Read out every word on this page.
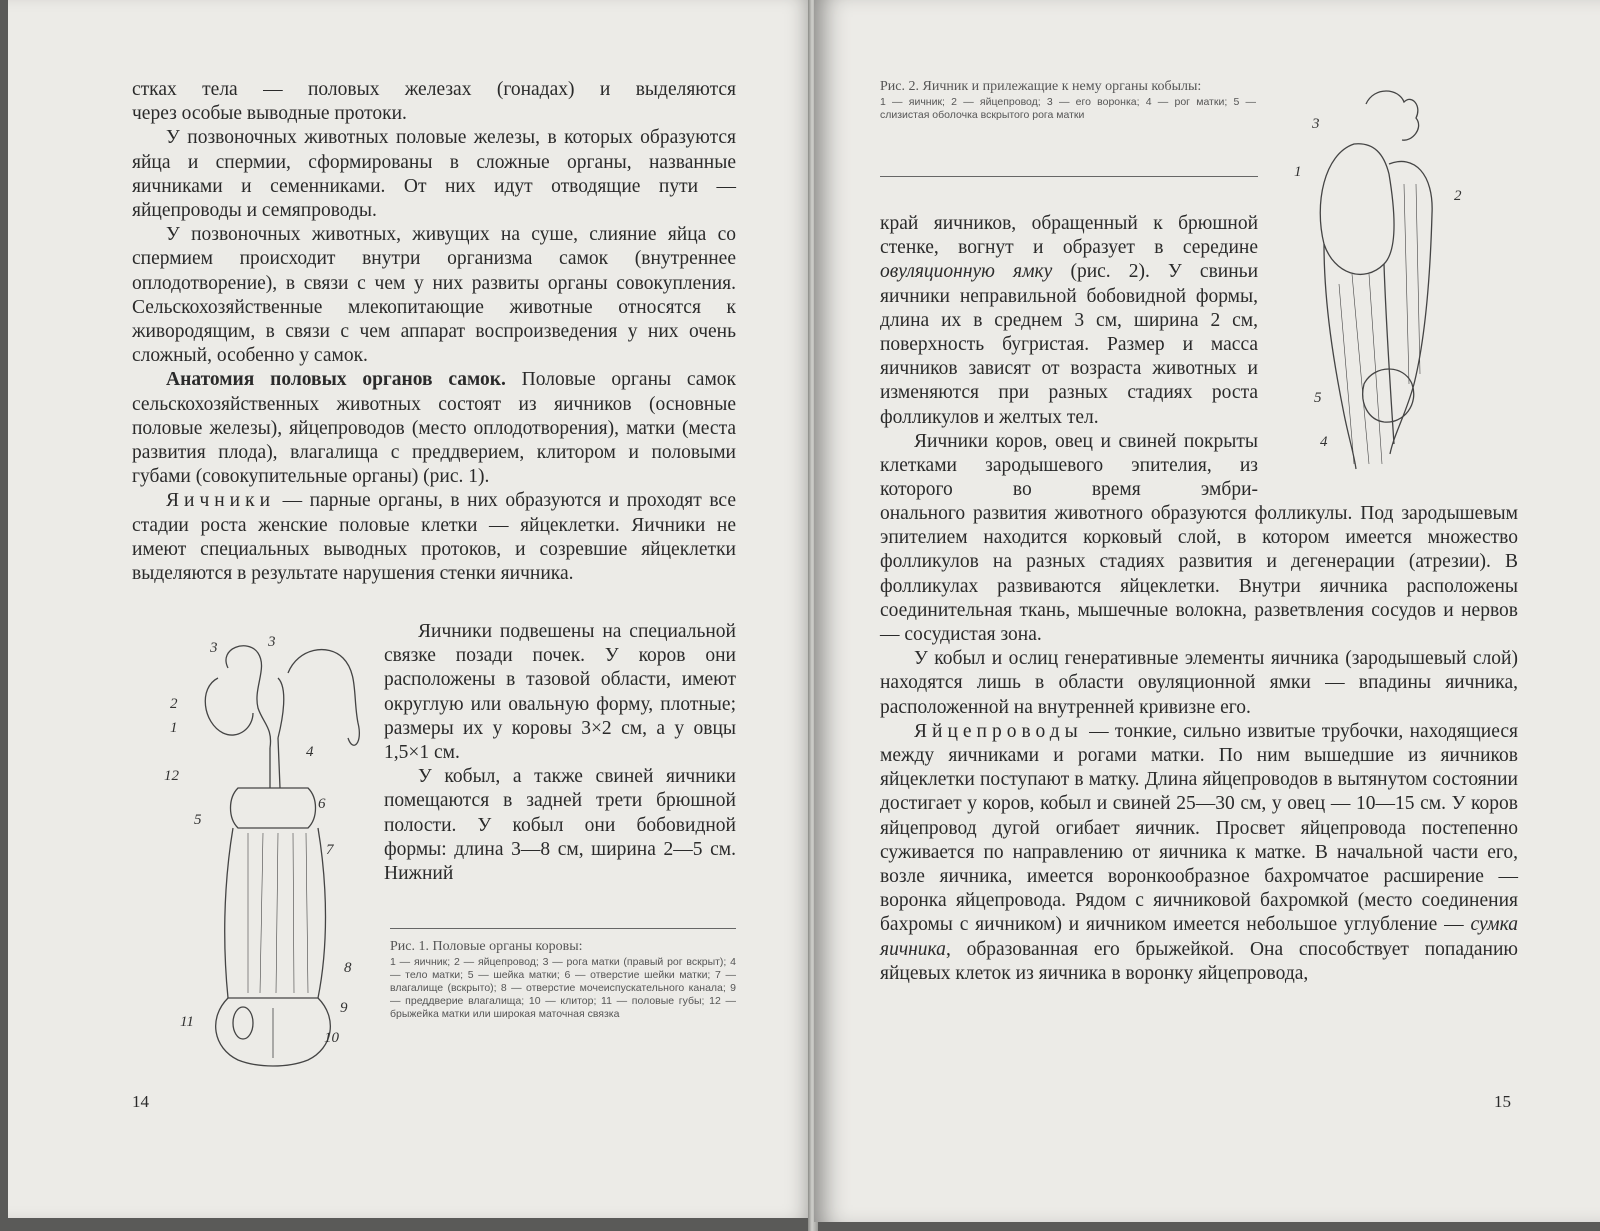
стках тела — половых железах (гонадах) и выделяются

через особые выводные протоки.

У позвоночных животных половые железы, в которых образуются яйца и спермии, сформированы в сложные органы, названные яичниками и семенниками. От них идут отводящие пути — яйцепроводы и семяпроводы.

У позвоночных животных, живущих на суше, слияние яйца со спермием происходит внутри организма самок (внутреннее оплодотворение), в связи с чем у них развиты органы совокупления. Сельскохозяйственные млекопитающие животные относятся к живородящим, в связи с чем аппарат воспроизведения у них очень сложный, особенно у самок.

Анатомия половых органов самок. Половые органы самок сельскохозяйственных животных состоят из яичников (основные половые железы), яйцепроводов (место оплодотворения), матки (места развития плода), влагалища с преддверием, клитором и половыми губами (совокупительные органы) (рис. 1).

Яичники — парные органы, в них образуются и проходят все стадии роста женские половые клетки — яйцеклетки. Яичники не имеют специальных выводных протоков, и созревшие яйцеклетки выделяются в результате нарушения стенки яичника.

3	3
2
1
12
4
5
6
7
8
9
11
10

Яичники подвешены на специальной связке позади почек. У коров они расположены в тазовой области, имеют округлую или овальную форму, плотные; размеры их у коровы 3×2 см, а у овцы 1,5×1 см.

У кобыл, а также свиней яичники помещаются в задней трети брюшной полости. У кобыл они бобовидной формы: длина 3—8 см, ширина 2—5 см. Нижний

Рис. 1. Половые органы коровы:

1 — яичник; 2 — яйцепровод; 3 — рога матки (правый рог вскрыт); 4 — тело матки; 5 — шейка матки; 6 — отверстие шейки матки; 7 — влагалище (вскрыто); 8 — отверстие мочеиспускательного канала; 9 — преддверие влагалища; 10 — клитор; 11 — половые губы; 12 — брыжейка матки или широкая маточная связка

14

Рис. 2. Яичник и прилежащие к нему органы кобылы:

1 — яичник; 2 — яйцепровод; 3 — его воронка; 4 — рог матки; 5 — слизистая оболочка вскрытого рога матки

3
1
2
5
4

край яичников, обращенный к брюшной стенке, вогнут и образует в середине овуляционную ямку (рис. 2). У свиньи яичники неправильной бобовидной формы, длина их в среднем 3 см, ширина 2 см, поверхность бугристая. Размер и масса яичников зависят от возраста животных и изменяются при разных стадиях роста фолликулов и желтых тел.

Яичники коров, овец и свиней покрыты клетками зародышевого эпителия, из которого во время эмбри-

онального развития животного образуются фолликулы. Под зародышевым эпителием находится корковый слой, в котором имеется множество фолликулов на разных стадиях развития и дегенерации (атрезии). В фолликулах развиваются яйцеклетки. Внутри яичника расположены соединительная ткань, мышечные волокна, разветвления сосудов и нервов — сосудистая зона.

У кобыл и ослиц генеративные элементы яичника (зародышевый слой) находятся лишь в области овуляционной ямки — впадины яичника, расположенной на внутренней кривизне его.

Яйцепроводы — тонкие, сильно извитые трубочки, находящиеся между яичниками и рогами матки. По ним вышедшие из яичников яйцеклетки поступают в матку. Длина яйцепроводов в вытянутом состоянии достигает у коров, кобыл и свиней 25—30 см, у овец — 10—15 см. У коров яйцепровод дугой огибает яичник. Просвет яйцепровода постепенно суживается по направлению от яичника к матке. В начальной части его, возле яичника, имеется воронкообразное бахромчатое расширение — воронка яйцепровода. Рядом с яичниковой бахромкой (место соединения бахромы с яичником) и яичником имеется небольшое углубление — сумка яичника, образованная его брыжейкой. Она способствует попаданию яйцевых клеток из яичника в воронку яйцепровода,

15
